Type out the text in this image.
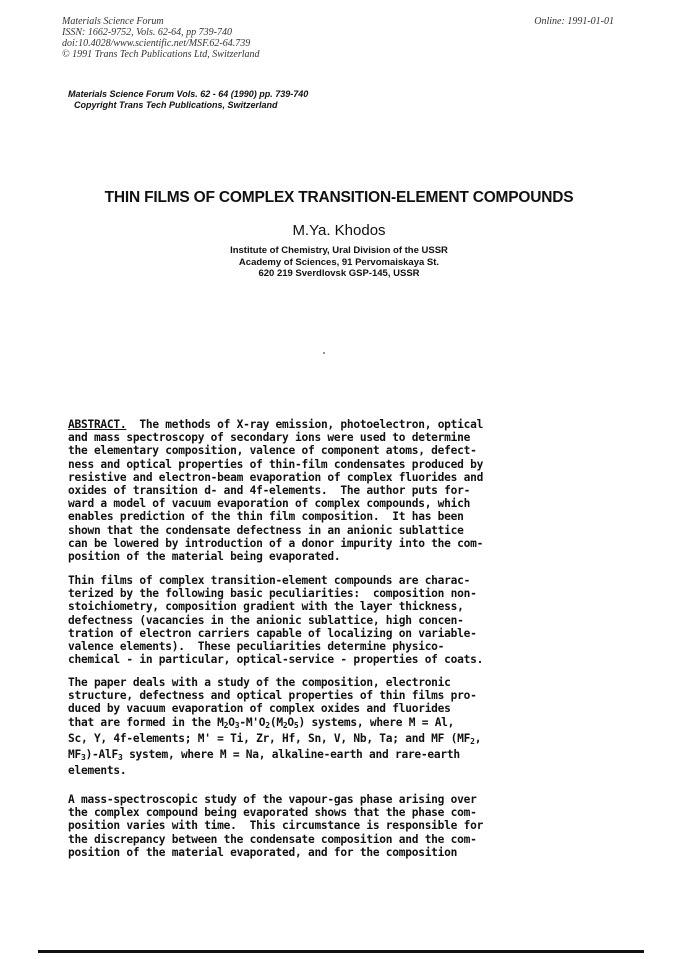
Materials Science Forum
ISSN: 1662-9752, Vols. 62-64, pp 739-740
doi:10.4028/www.scientific.net/MSF.62-64.739
© 1991 Trans Tech Publications Ltd, Switzerland
Online: 1991-01-01
Materials Science Forum Vols. 62 - 64 (1990) pp. 739-740
Copyright Trans Tech Publications, Switzerland
THIN FILMS OF COMPLEX TRANSITION-ELEMENT COMPOUNDS
M.Ya. Khodos
Institute of Chemistry, Ural Division of the USSR
Academy of Sciences, 91 Pervomaiskaya St.
620 219 Sverdlovsk GSP-145, USSR
ABSTRACT. The methods of X-ray emission, photoelectron, optical
and mass spectroscopy of secondary ions were used to determine
the elementary composition, valence of component atoms, defect-
ness and optical properties of thin-film condensates produced by
resistive and electron-beam evaporation of complex fluorides and
oxides of transition d- and 4f-elements.  The author puts for-
ward a model of vacuum evaporation of complex compounds, which
enables prediction of the thin film composition.  It has been
shown that the condensate defectness in an anionic sublattice
can be lowered by introduction of a donor impurity into the com-
position of the material being evaporated.
Thin films of complex transition-element compounds are charac-
terized by the following basic peculiarities:  composition non-
stoichiometry, composition gradient with the layer thickness,
defectness (vacancies in the anionic sublattice, high concen-
tration of electron carriers capable of localizing on variable-
valence elements).  These peculiarities determine physico-
chemical - in particular, optical-service - properties of coats.
The paper deals with a study of the composition, electronic
structure, defectness and optical properties of thin films pro-
duced by vacuum evaporation of complex oxides and fluorides
that are formed in the $M_2O_3-M'O_2(M_2O_5)$ systems, where M = Al,
Sc, Y, 4f-elements; M' = Ti, Zr, Hf, Sn, V, Nb, Ta; and MF ($MF_2$,
$MF_3)-AlF_3$ system, where M = Na, alkaline-earth and rare-earth
elements.
A mass-spectroscopic study of the vapour-gas phase arising over
the complex compound being evaporated shows that the phase com-
position varies with time.  This circumstance is responsible for
the discrepancy between the condensate composition and the com-
position of the material evaporated, and for the composition
